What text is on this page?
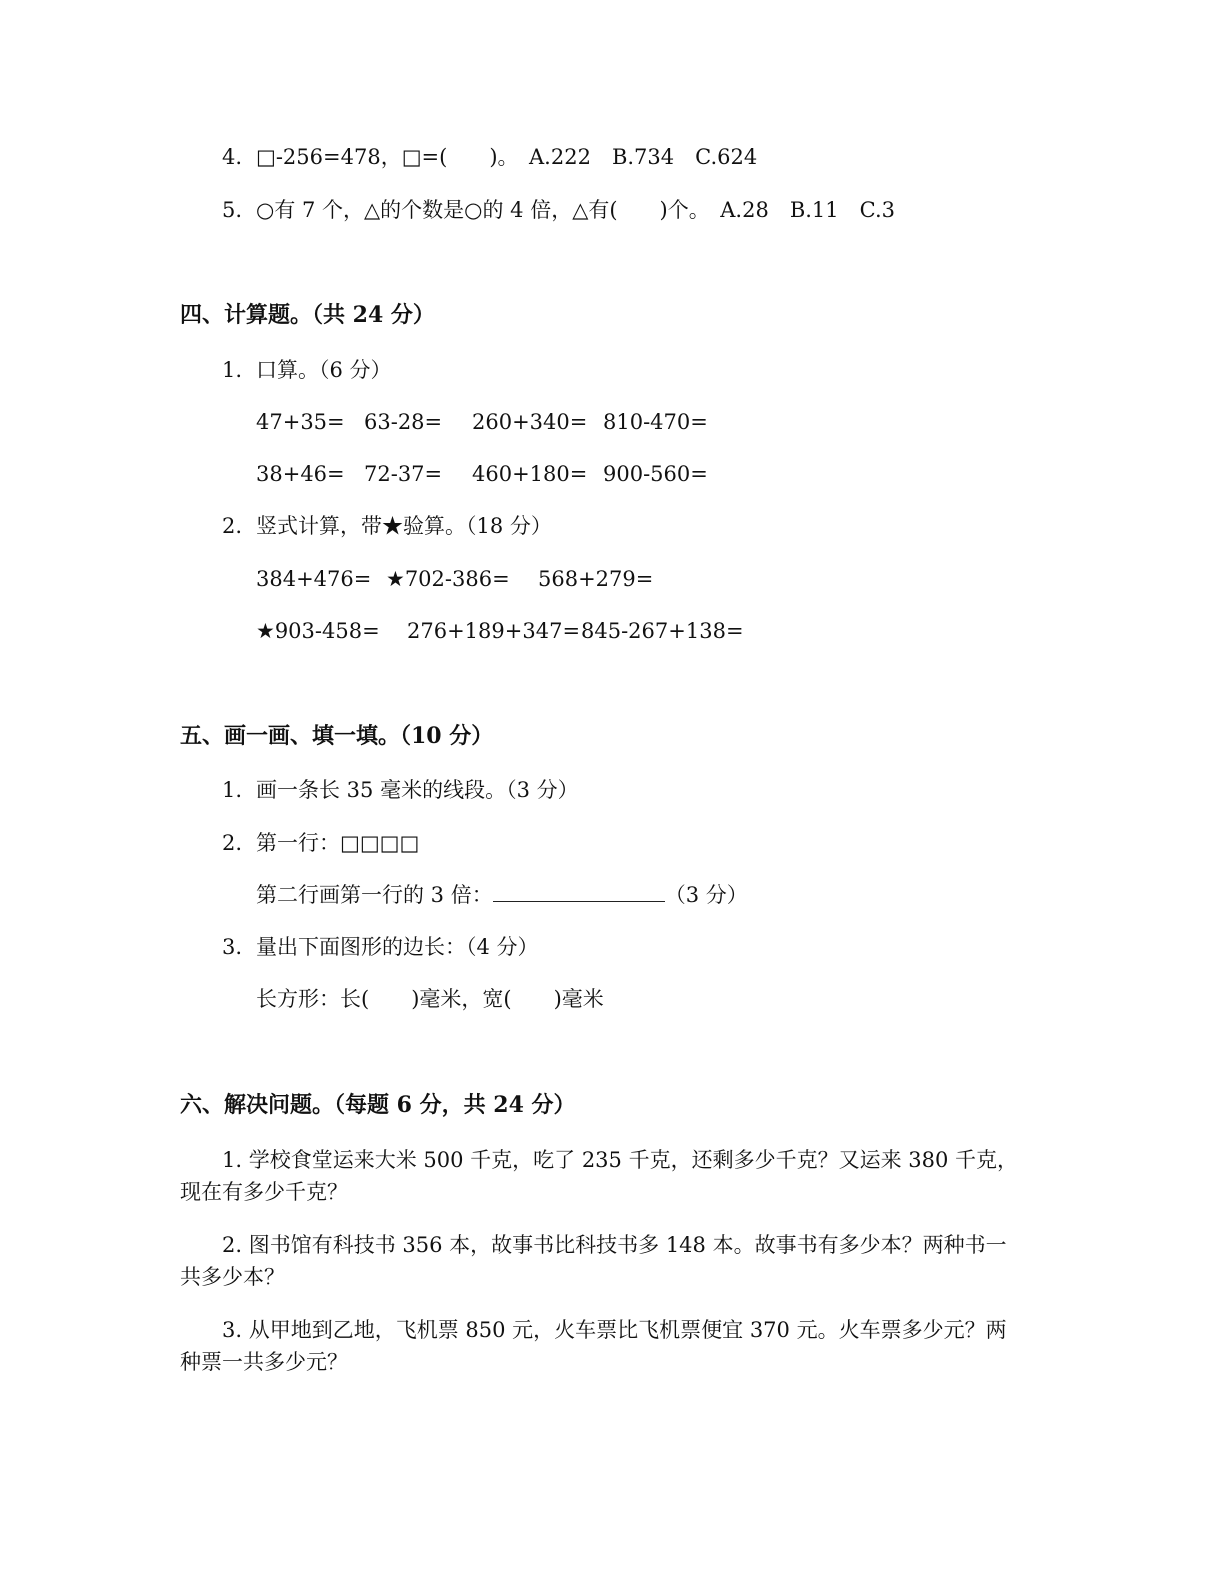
4. □-256=478，□=(　　)。　A.222　B.734　C.624
5. ○有 7 个，△的个数是○的 4 倍，△有(　　)个。　A.28　B.11　C.3
四、计算题。（共 24 分）
1. 口算。（6 分）
47+35= 63-28= 260+340= 810-470=
38+46= 72-37= 460+180= 900-560=
2. 竖式计算，带★验算。（18 分）
384+476= ★702-386= 568+279=
★903-458= 276+189+347= 845-267+138=
五、画一画、填一填。（10 分）
1. 画一条长 35 毫米的线段。（3 分）
2. 第一行：□□□□
第二行画第一行的 3 倍：	（3 分）
3. 量出下面图形的边长：（4 分）
长方形：长(　　)毫米，宽(　　)毫米
六、解决问题。（每题 6 分，共 24 分）
1. 学校食堂运来大米 500 千克，吃了 235 千克，还剩多少千克？又运来 380 千克，
现在有多少千克？
2. 图书馆有科技书 356 本，故事书比科技书多 148 本。故事书有多少本？两种书一
共多少本？
3. 从甲地到乙地，飞机票 850 元，火车票比飞机票便宜 370 元。火车票多少元？两
种票一共多少元？
